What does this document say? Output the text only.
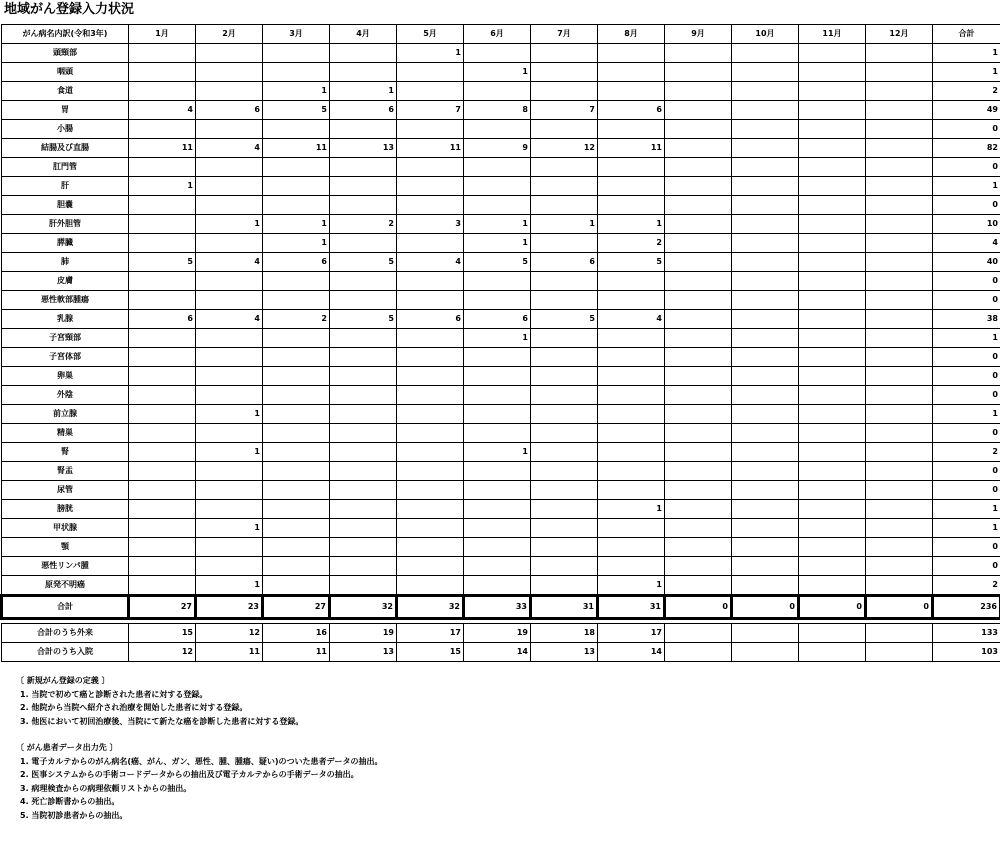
地域がん登録入力状況
がん病名内訳(令和3年)	1月	2月	3月	4月	5月	6月	7月	8月	9月	10月	11月	12月	合計
頭頸部					1								1
咽頭						1							1
食道			1	1									2
胃	4	6	5	6	7	8	7	6					49
小腸													0
結腸及び直腸	11	4	11	13	11	9	12	11					82
肛門管													0
肝	1												1
胆嚢													0
肝外胆管		1	1	2	3	1	1	1					10
膵臓			1			1		2					4
肺	5	4	6	5	4	5	6	5					40
皮膚													0
悪性軟部腫瘍													0
乳腺	6	4	2	5	6	6	5	4					38
子宮頸部						1							1
子宮体部													0
卵巣													0
外陰													0
前立腺		1											1
精巣													0
腎		1				1							2
腎盂													0
尿管													0
膀胱								1					1
甲状腺		1											1
顎													0
悪性リンパ腫													0
原発不明癌		1						1					2
合計	27	23	27	32	32	33	31	31	0	0	0	0	236

合計のうち外来	15	12	16	19	17	19	18	17					133
合計のうち入院	12	11	11	13	15	14	13	14					103
〔 新規がん登録の定義 〕
1. 当院で初めて癌と診断された患者に対する登録。
2. 他院から当院へ紹介され治療を開始した患者に対する登録。
3. 他医において初回治療後、当院にて新たな癌を診断した患者に対する登録。
〔 がん患者データ出力先 〕
1. 電子カルテからのがん病名(癌、がん、ガン、悪性、腫、腫瘍、疑い)のついた患者データの抽出。
2. 医事システムからの手術コードデータからの抽出及び電子カルテからの手術データの抽出。
3. 病理検査からの病理依頼リストからの抽出。
4. 死亡診断書からの抽出。
5. 当院初診患者からの抽出。
